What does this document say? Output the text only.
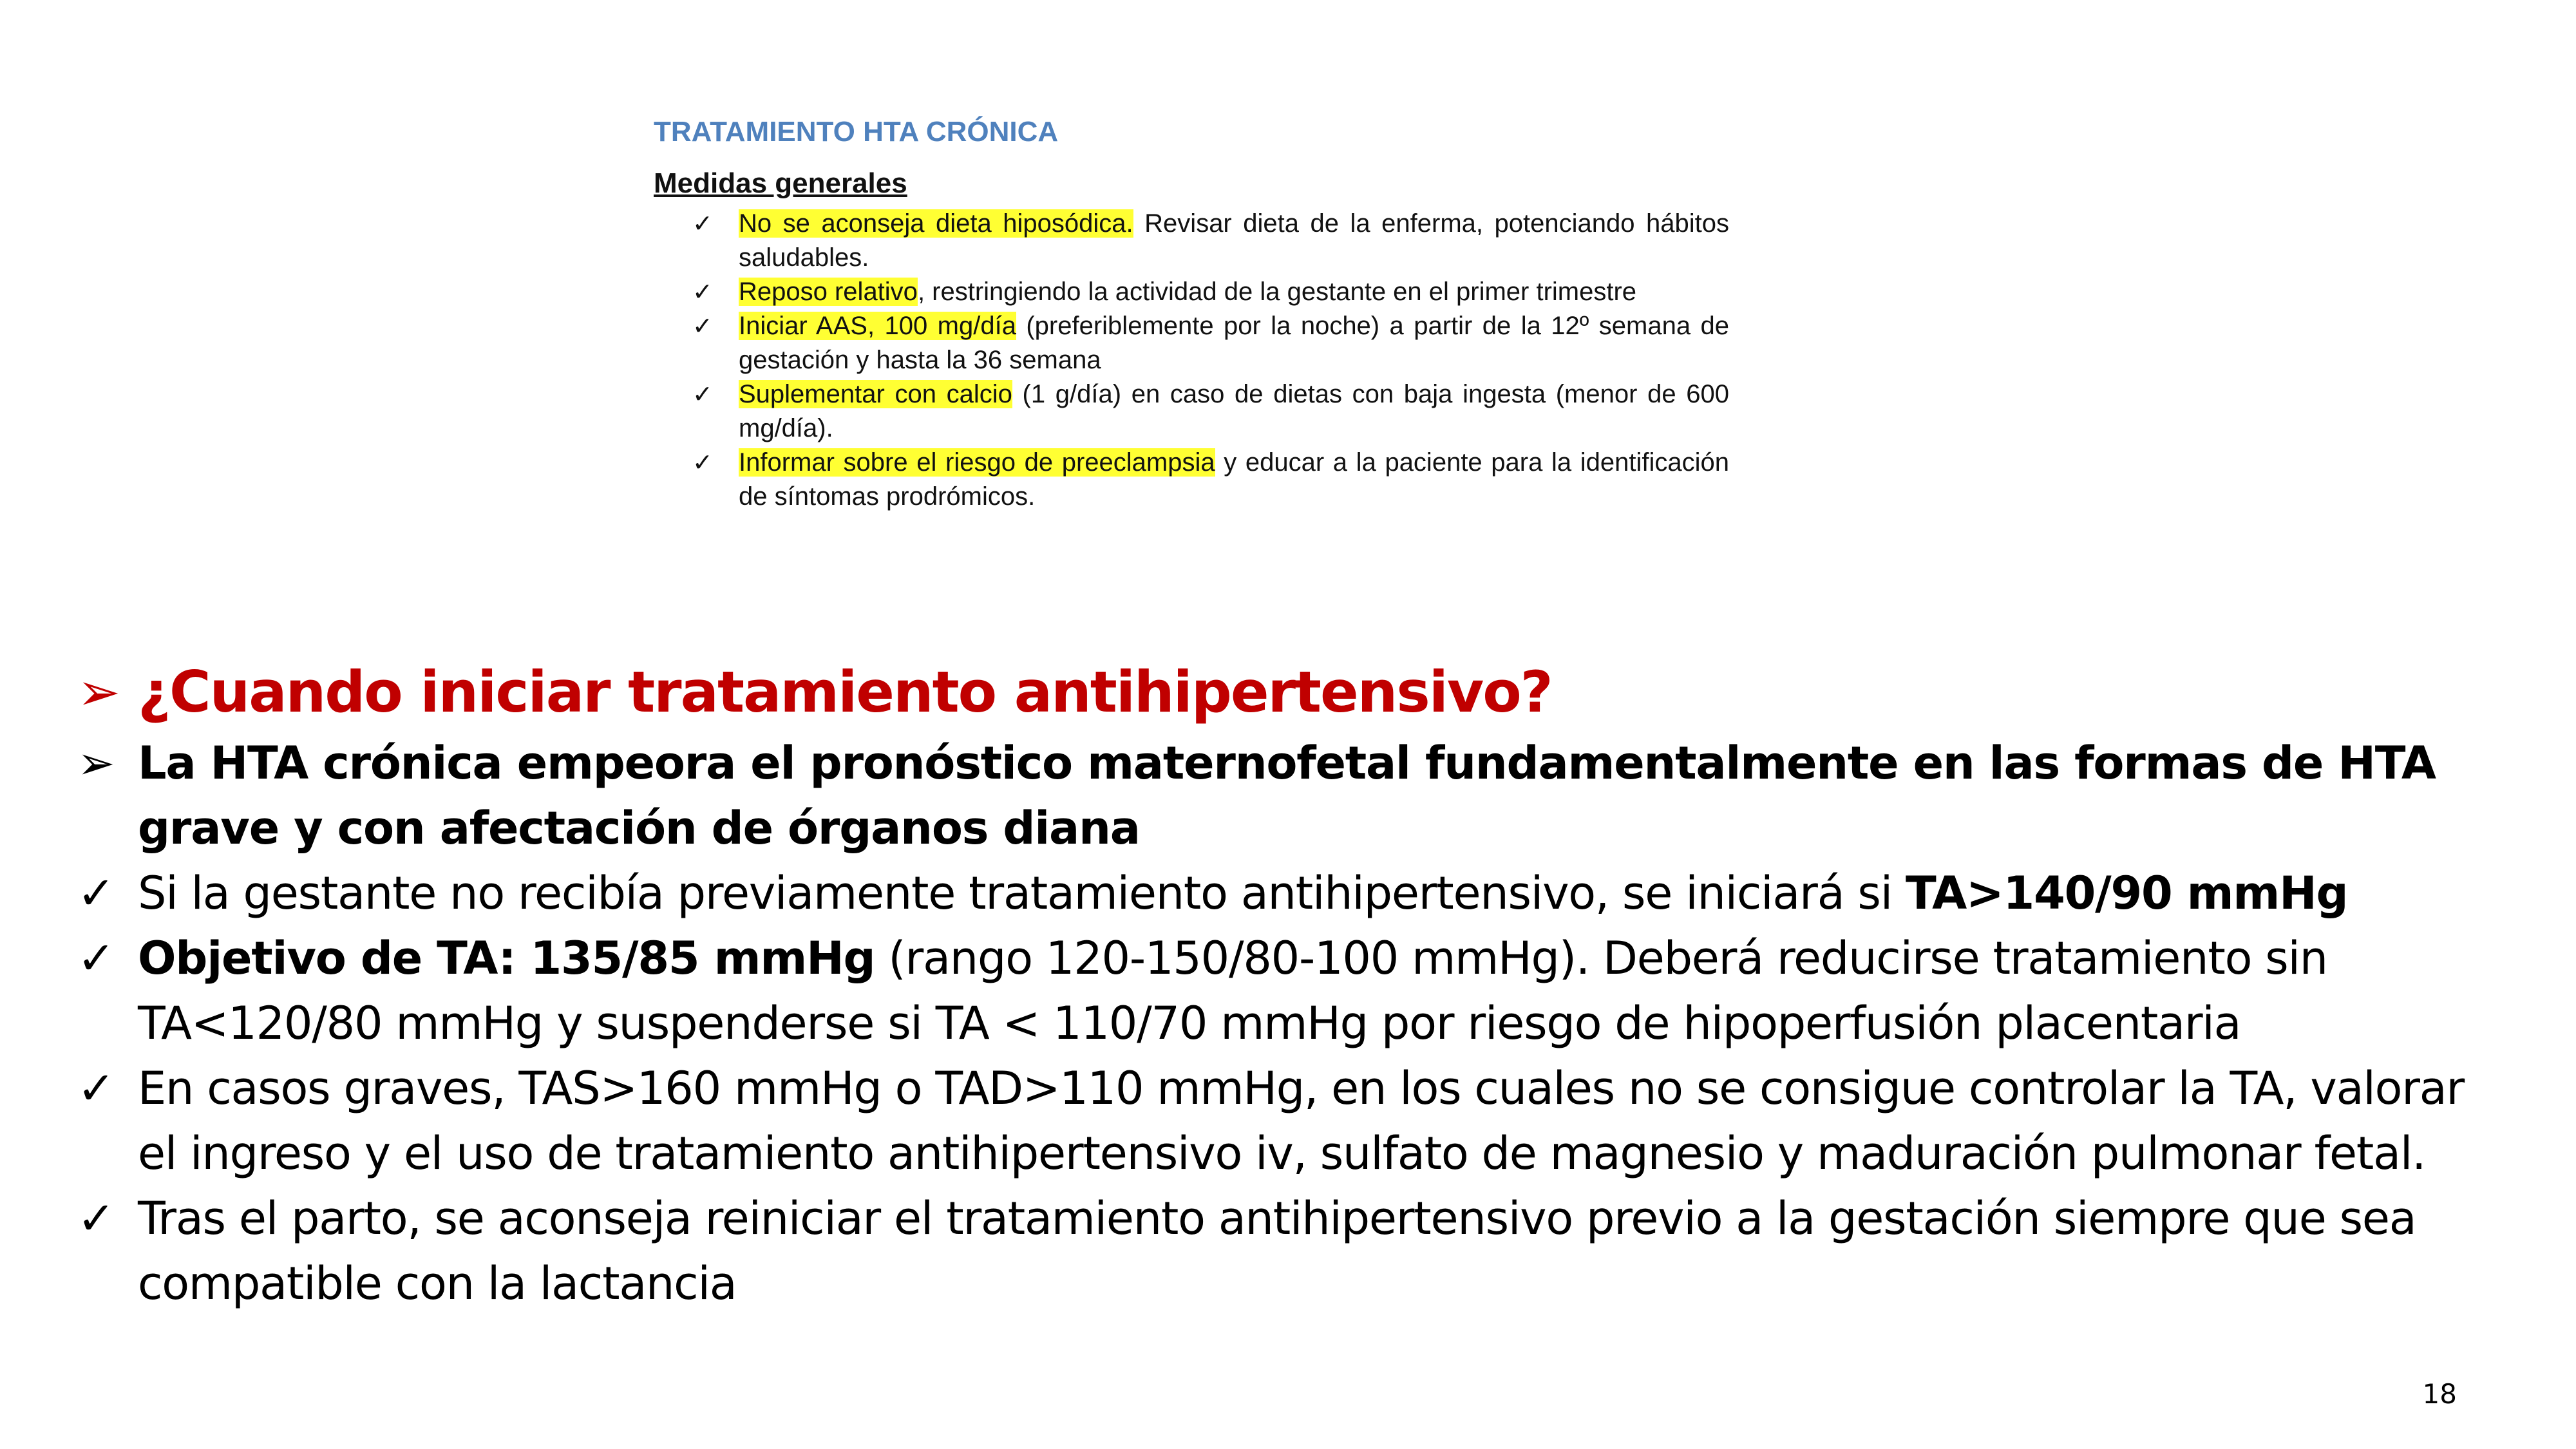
TRATAMIENTO HTA CRÓNICA
Medidas generales
✓ No se aconseja dieta hiposódica. Revisar dieta de la enferma, potenciando hábitos saludables.
✓ Reposo relativo, restringiendo la actividad de la gestante en el primer trimestre
✓ Iniciar AAS, 100 mg/día (preferiblemente por la noche) a partir de la 12º semana de gestación y hasta la 36 semana
✓ Suplementar con calcio (1 g/día) en caso de dietas con baja ingesta (menor de 600 mg/día).
✓ Informar sobre el riesgo de preeclampsia y educar a la paciente para la identificación de síntomas prodrómicos.
➢ ¿Cuando iniciar tratamiento antihipertensivo?
➢ La HTA crónica empeora el pronóstico maternofetal fundamentalmente en las formas de HTA grave y con afectación de órganos diana
✓ Si la gestante no recibía previamente tratamiento antihipertensivo, se iniciará si TA>140/90 mmHg
✓ Objetivo de TA: 135/85 mmHg (rango 120-150/80-100 mmHg). Deberá reducirse tratamiento sin TA<120/80 mmHg y suspenderse si TA < 110/70 mmHg por riesgo de hipoperfusión placentaria
✓ En casos graves, TAS>160 mmHg o TAD>110 mmHg, en los cuales no se consigue controlar la TA, valorar el ingreso y el uso de tratamiento antihipertensivo iv, sulfato de magnesio y maduración pulmonar fetal.
✓ Tras el parto, se aconseja reiniciar el tratamiento antihipertensivo previo a la gestación siempre que sea compatible con la lactancia
18
